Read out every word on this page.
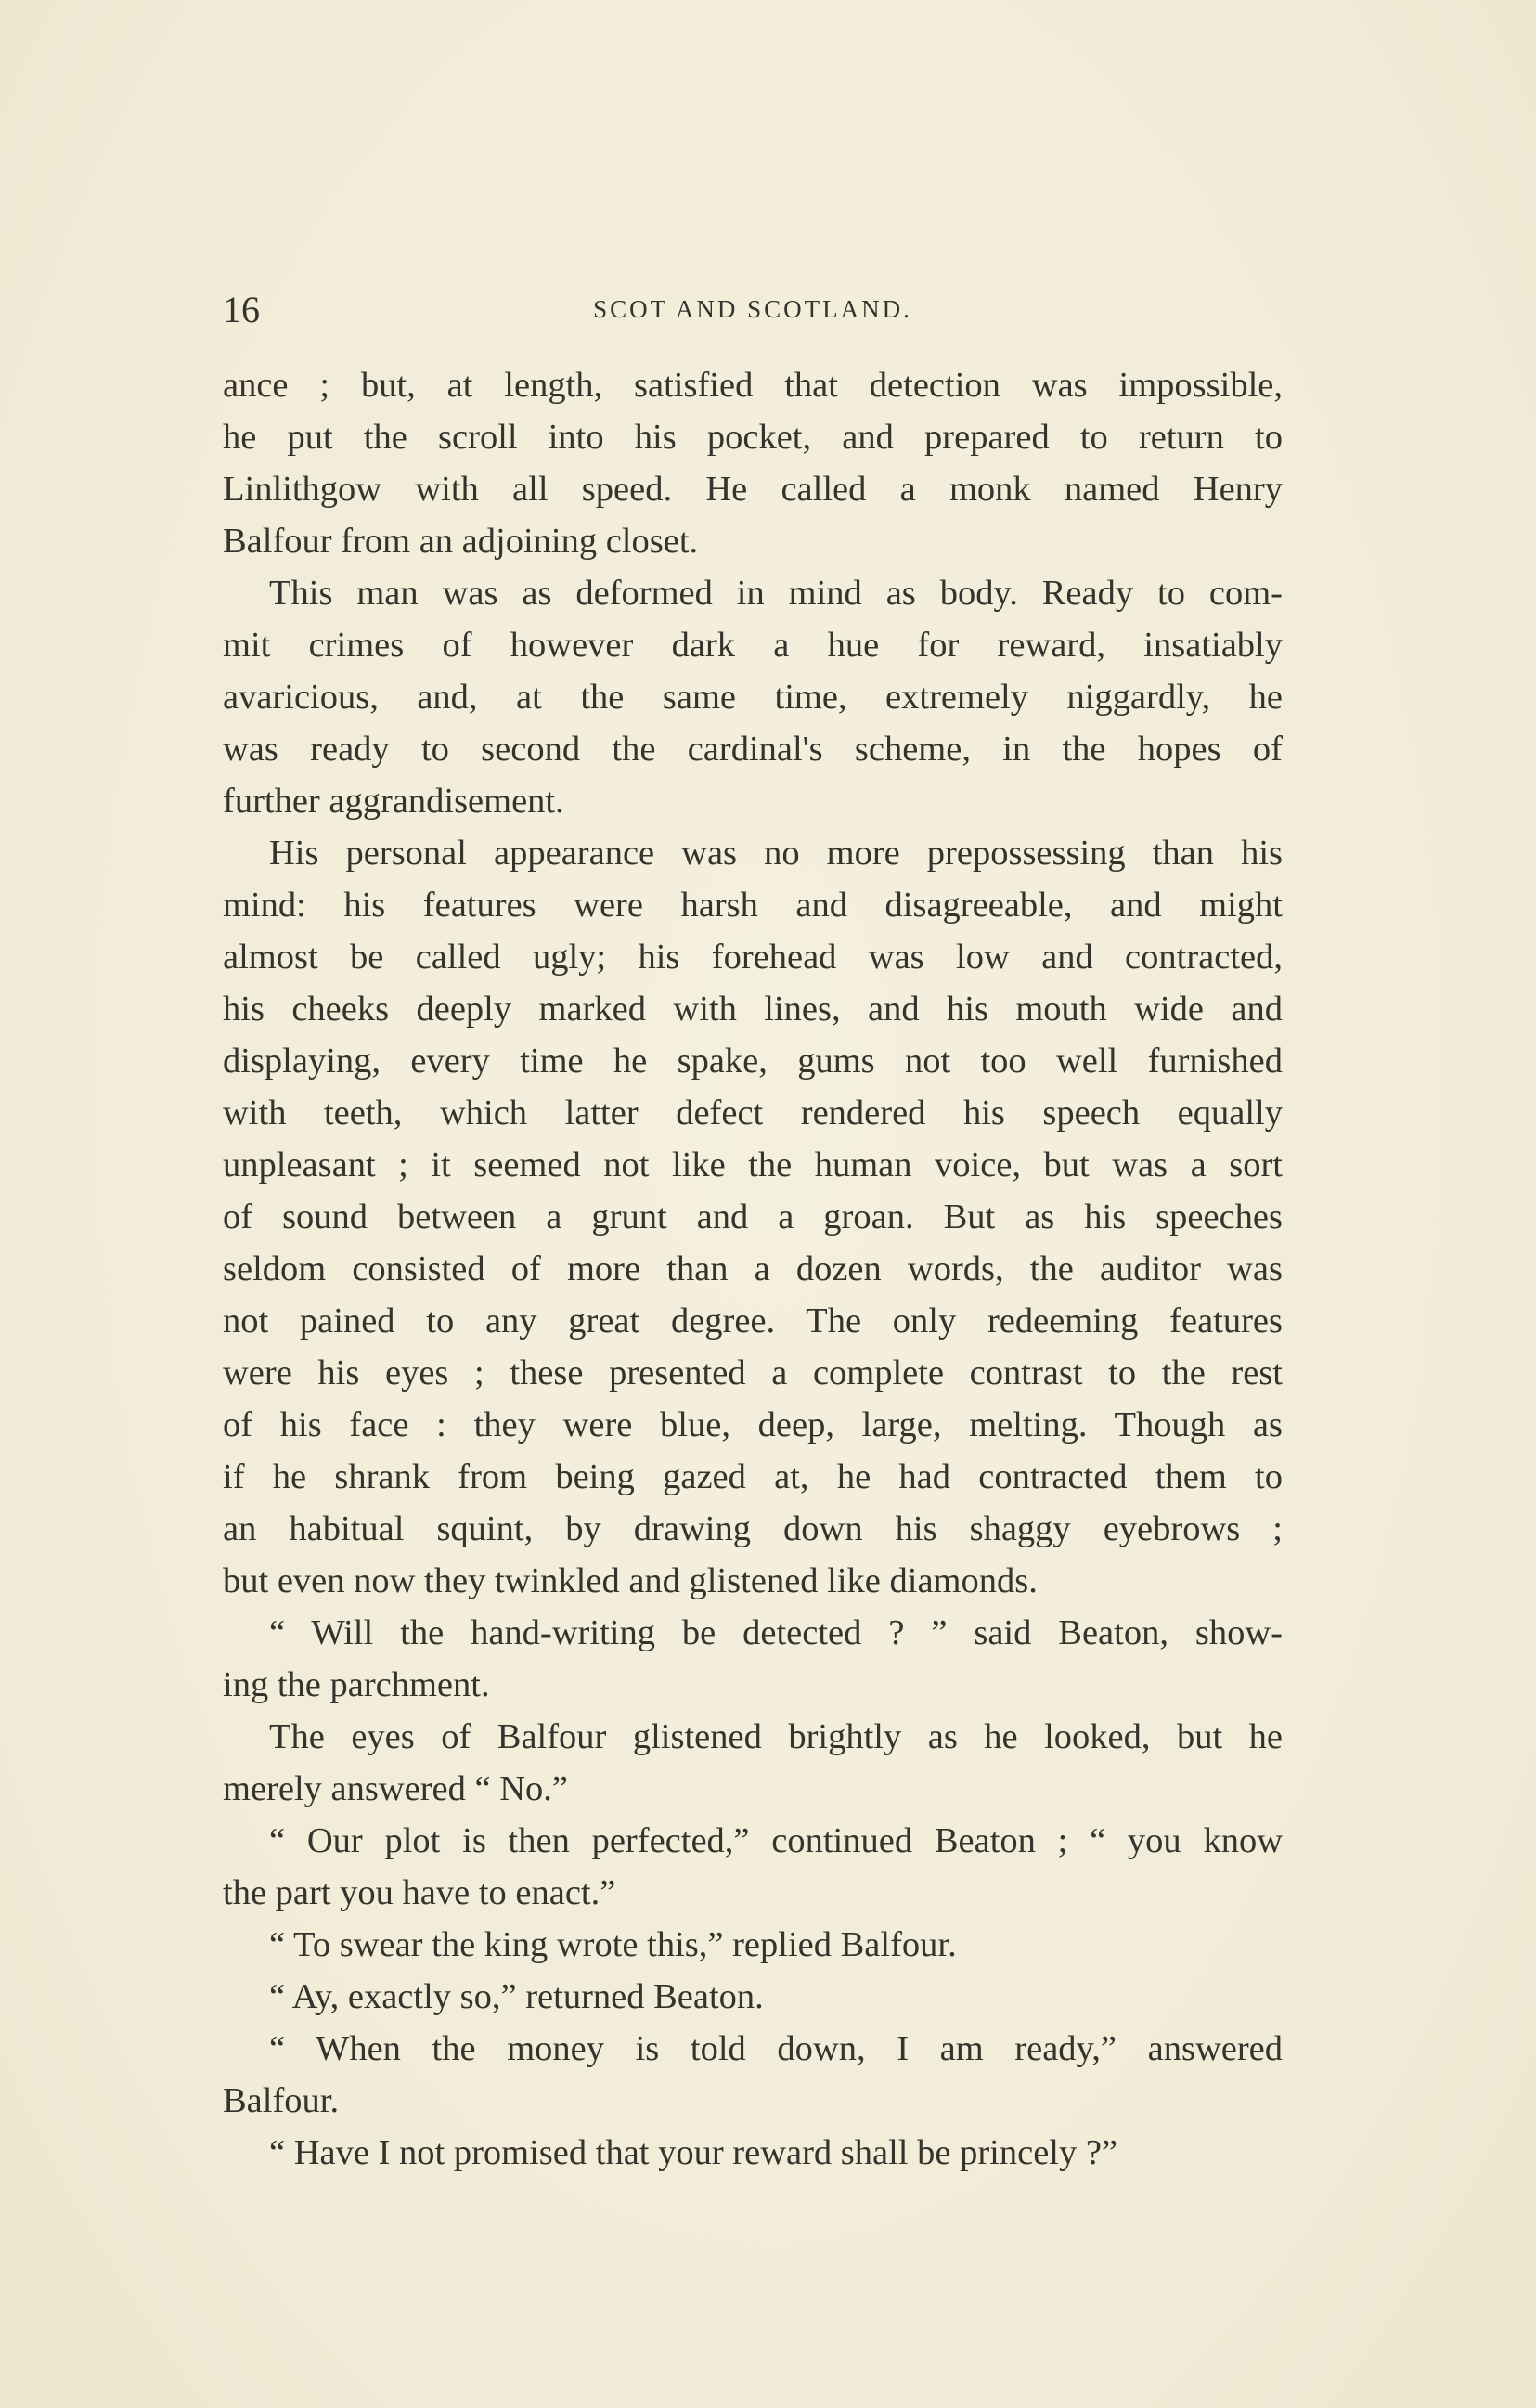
16	SCOT AND SCOTLAND.
ance ; but, at length, satisfied that detection was impossible,
he put the scroll into his pocket, and prepared to return to
Linlithgow with all speed. He called a monk named Henry
Balfour from an adjoining closet.
This man was as deformed in mind as body. Ready to com-
mit crimes of however dark a hue for reward, insatiably
avaricious, and, at the same time, extremely niggardly, he
was ready to second the cardinal's scheme, in the hopes of
further aggrandisement.
His personal appearance was no more prepossessing than his
mind: his features were harsh and disagreeable, and might
almost be called ugly; his forehead was low and contracted,
his cheeks deeply marked with lines, and his mouth wide and
displaying, every time he spake, gums not too well furnished
with teeth, which latter defect rendered his speech equally
unpleasant ; it seemed not like the human voice, but was a sort
of sound between a grunt and a groan. But as his speeches
seldom consisted of more than a dozen words, the auditor was
not pained to any great degree. The only redeeming features
were his eyes ; these presented a complete contrast to the rest
of his face : they were blue, deep, large, melting. Though as
if he shrank from being gazed at, he had contracted them to
an habitual squint, by drawing down his shaggy eyebrows ;
but even now they twinkled and glistened like diamonds.
“ Will the hand-writing be detected ? ” said Beaton, show-
ing the parchment.
The eyes of Balfour glistened brightly as he looked, but he
merely answered “ No.”
“ Our plot is then perfected,” continued Beaton ; “ you know
the part you have to enact.”
“ To swear the king wrote this,” replied Balfour.
“ Ay, exactly so,” returned Beaton.
“ When the money is told down, I am ready,” answered
Balfour.
“ Have I not promised that your reward shall be princely ?”
